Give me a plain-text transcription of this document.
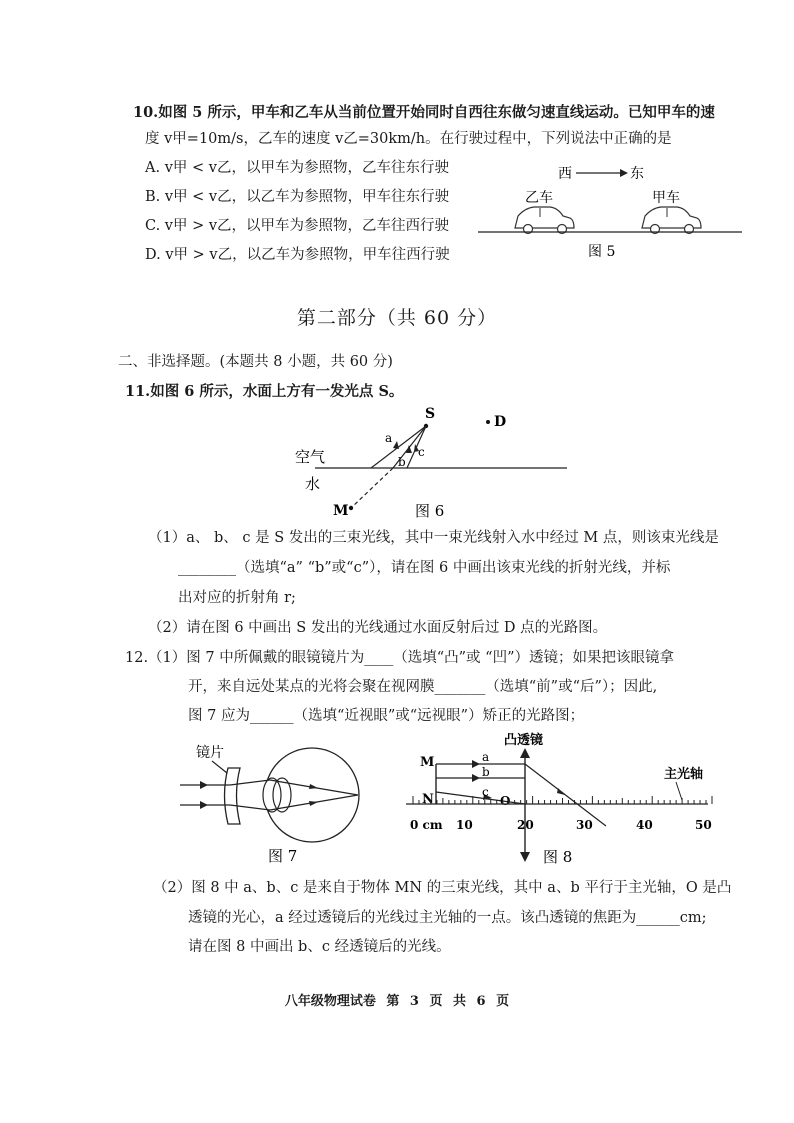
10.如图 5 所示，甲车和乙车从当前位置开始同时自西往东做匀速直线运动。已知甲车的速
度 v甲=10m/s，乙车的速度 v乙=30km/h。在行驶过程中，下列说法中正确的是
A. v甲 < v乙，以甲车为参照物，乙车往东行驶
B. v甲 < v乙，以乙车为参照物，甲车往东行驶
C. v甲 > v乙，以甲车为参照物，乙车往西行驶
D. v甲 > v乙，以乙车为参照物，甲车往西行驶
西	东
乙车	甲车
图 5
第二部分（共 60 分）
二、非选择题。(本题共 8 小题，共 60 分)
11.如图 6 所示，水面上方有一发光点 S。
S	D
空气
水
a
b
c
M	图 6
（1）a、 b、 c 是 S 发出的三束光线，其中一束光线射入水中经过 M 点，则该束光线是
________（选填“a” “b”或“c”），请在图 6 中画出该束光线的折射光线，并标
出对应的折射角 r;
（2）请在图 6 中画出 S 发出的光线通过水面反射后过 D 点的光路图。
12.（1）图 7 中所佩戴的眼镜镜片为____（选填“凸”或 “凹”）透镜；如果把该眼镜拿
开，来自远处某点的光将会聚在视网膜_______（选填“前”或“后”）；因此,
图 7 应为______（选填“近视眼”或“远视眼”）矫正的光路图；
镜片
图 7
凸透镜
M
N
a
b
c
O
0 cm 10	20	30	40	50
主光轴
图 8
（2）图 8 中 a、b、c 是来自于物体 MN 的三束光线，其中 a、b 平行于主光轴，O 是凸
透镜的光心，a 经过透镜后的光线过主光轴的一点。该凸透镜的焦距为______cm;
请在图 8 中画出 b、c 经透镜后的光线。
八年级物理试卷 第 3 页 共 6 页
